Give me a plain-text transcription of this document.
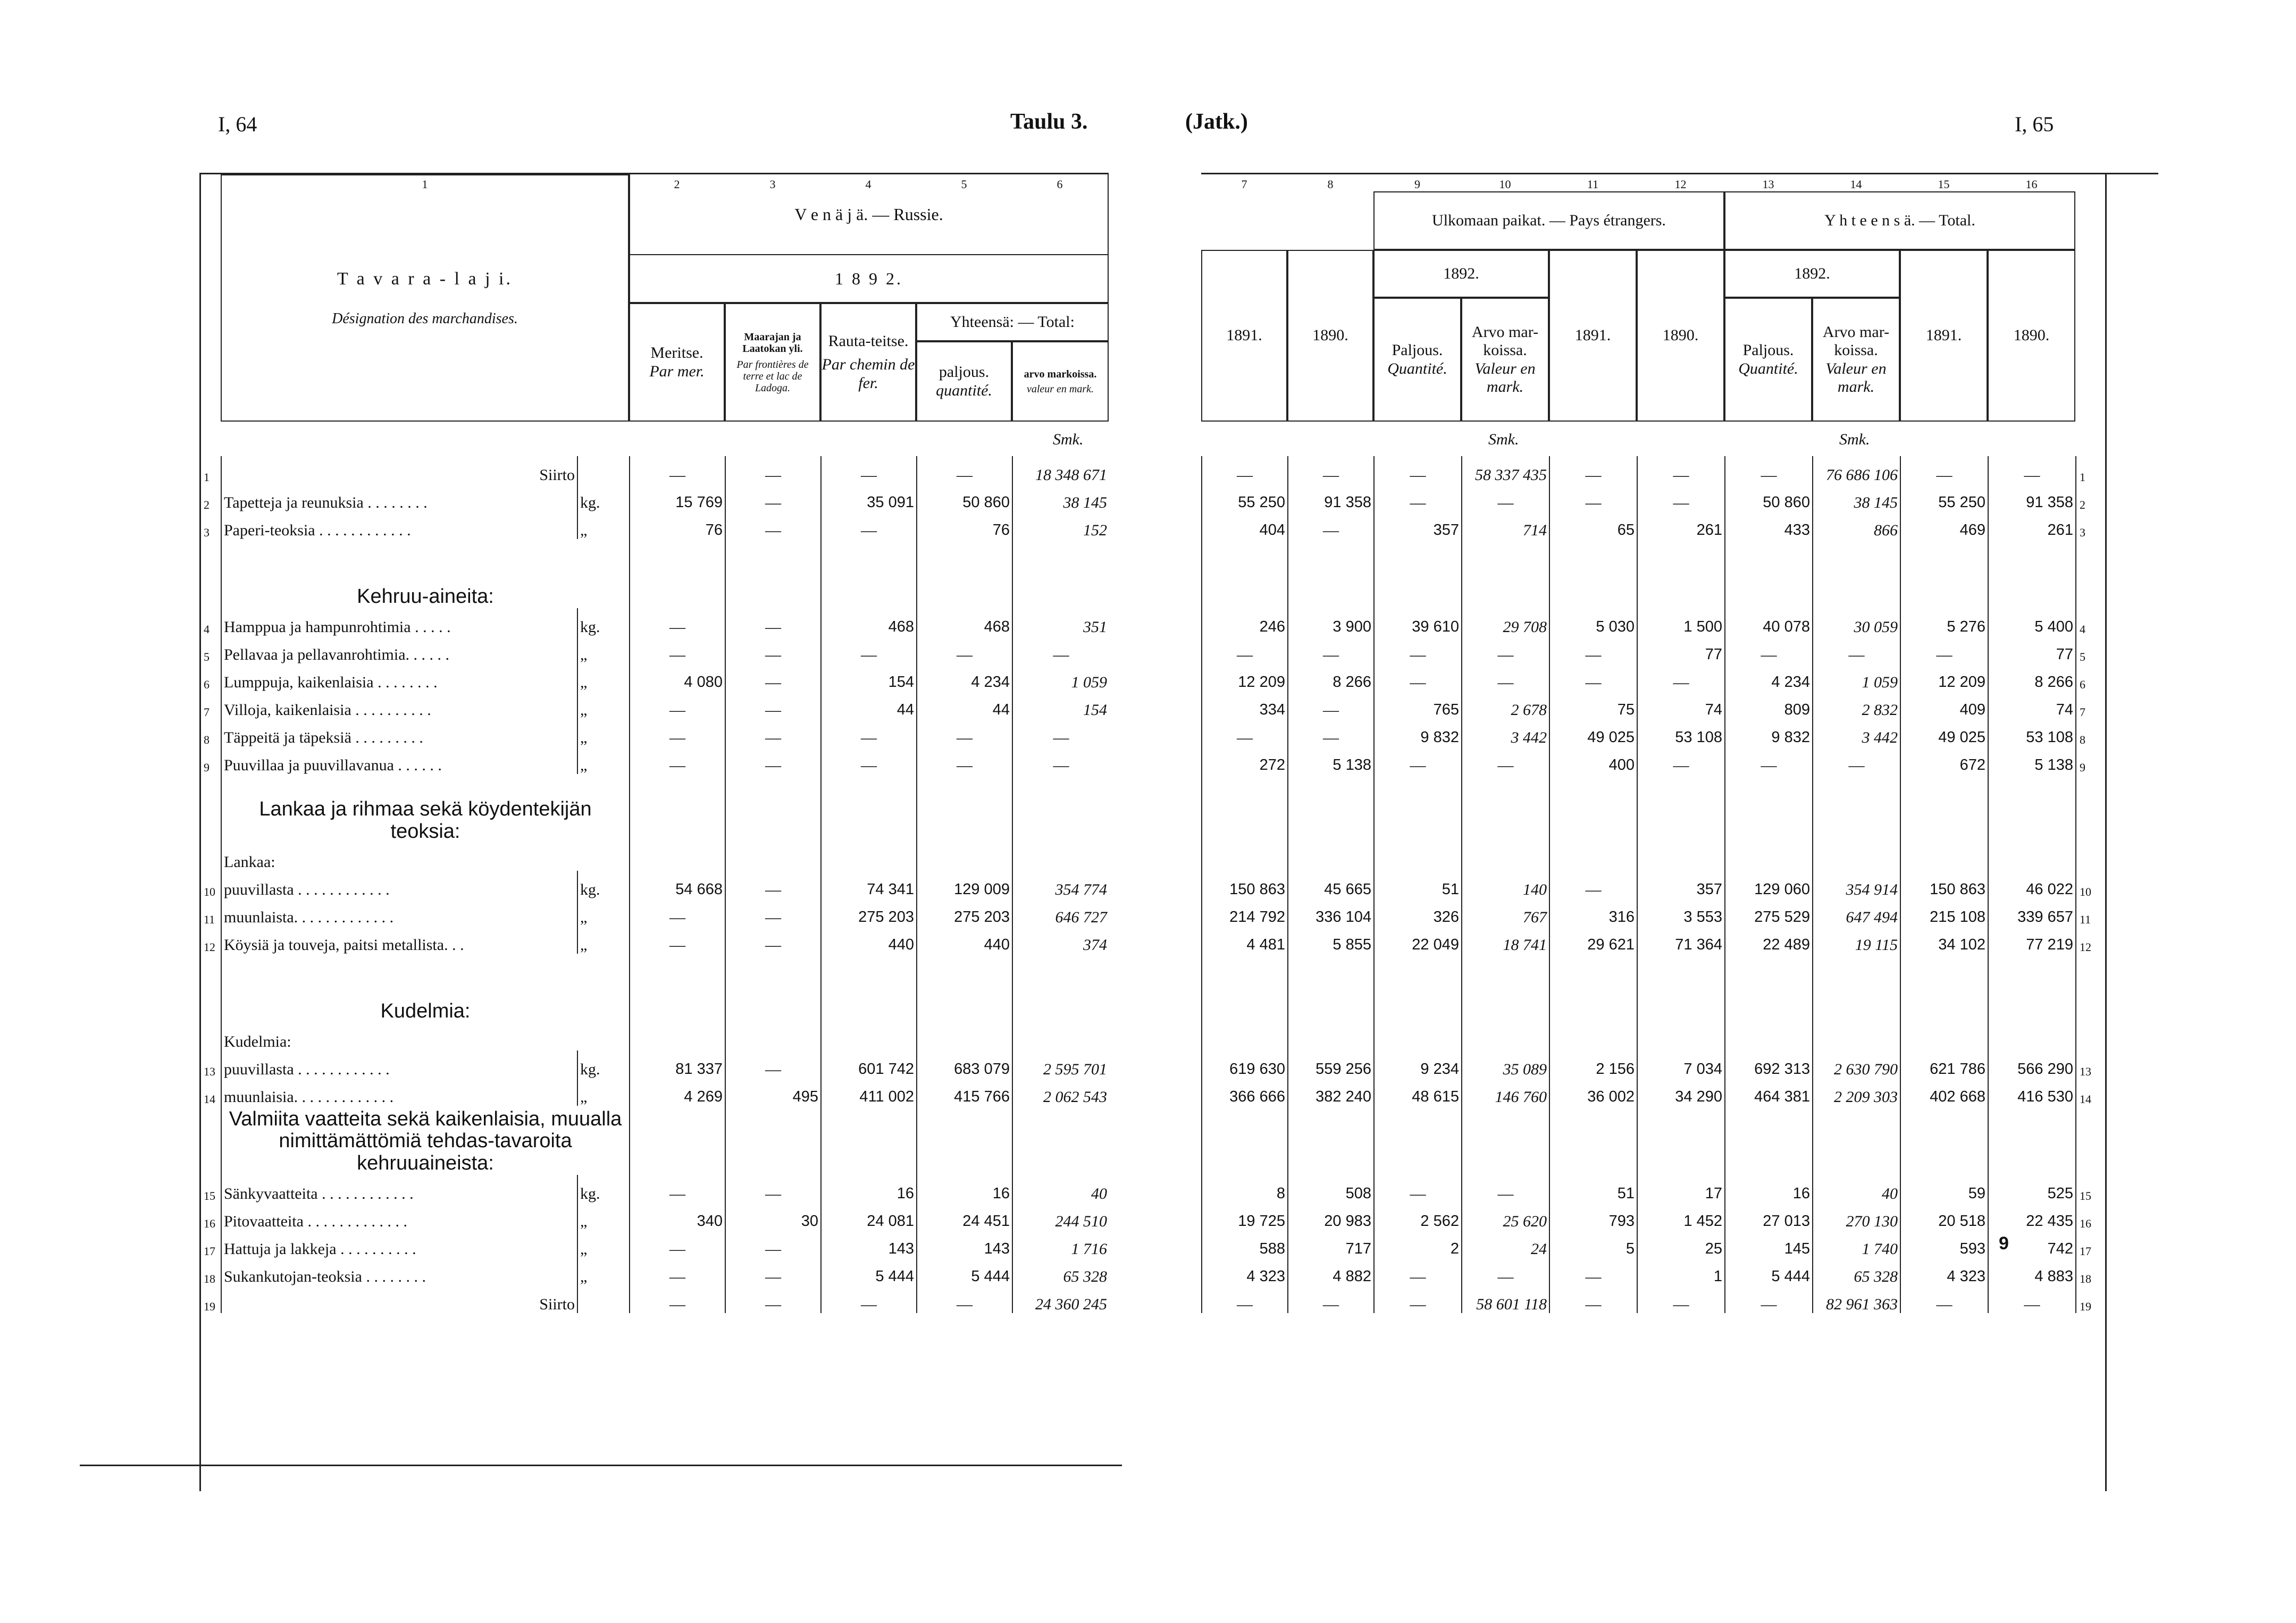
I, 64	Taulu 3.
1
T a v a r a - l a j i.
Désignation des marchandises.
V e n ä j ä. — Russie.
2	3	4	5	6
1 8 9 2.
Meritse.
Par mer.
Maarajan ja Laatokan yli.
Par frontières de terre et lac de Ladoga.
Rauta-teitse.
Par chemin de fer.
Yhteensä: — Total:
paljous.
quantité.
arvo markoissa.
valeur en mark.
Smk.
1	Siirto		—	—	—	—	18 348 671
2	Tapetteja ja reunuksia . . . . . . . .	kg.	15 769	—	35 091	50 860	38 145
3	Paperi-teoksia . . . . . . . . . . . .	„	76	—	—	76	152
	Kehruu-aineita:						
4	Hamppua ja hampunrohtimia . . . . .	kg.	—	—	468	468	351
5	Pellavaa ja pellavanrohtimia. . . . . .	„	—	—	—	—	—
6	Lumppuja, kaikenlaisia . . . . . . . .	„	4 080	—	154	4 234	1 059
7	Villoja, kaikenlaisia . . . . . . . . . .	„	—	—	44	44	154
8	Täppeitä ja täpeksiä . . . . . . . . .	„	—	—	—	—	—
9	Puuvillaa ja puuvillavanua . . . . . .	„	—	—	—	—	—
	Lankaa ja rihmaa sekä köydentekijän teoksia:						
	Lankaa:						
10	puuvillasta . . . . . . . . . . . .	kg.	54 668	—	74 341	129 009	354 774
11	muunlaista. . . . . . . . . . . . .	„	—	—	275 203	275 203	646 727
12	Köysiä ja touveja, paitsi metallista. . .	„	—	—	440	440	374
	Kudelmia:						
	Kudelmia:						
13	puuvillasta . . . . . . . . . . . .	kg.	81 337	—	601 742	683 079	2 595 701
14	muunlaisia. . . . . . . . . . . . .	„	4 269	495	411 002	415 766	2 062 543
	Valmiita vaatteita sekä kaikenlaisia, muualla nimittämättömiä tehdas-tavaroita kehruuaineista:						
15	Sänkyvaatteita . . . . . . . . . . . .	kg.	—	—	16	16	40
16	Pitovaatteita . . . . . . . . . . . . .	„	340	30	24 081	24 451	244 510
17	Hattuja ja lakkeja . . . . . . . . . .	„	—	—	143	143	1 716
18	Sukankutojan-teoksia . . . . . . . .	„	—	—	5 444	5 444	65 328
19	Siirto		—	—	—	—	24 360 245
(Jatk.)	I, 65
7	8	9	10	11	12	13	14	15	16
1891.	1890.
Ulkomaan paikat. — Pays étrangers.
1892.
Paljous.
Quantité.
Arvo mar-koissa.
Valeur en mark.
1891.	1890.
Y h t e e n s ä. — Total.
1892.
Paljous.
Quantité.
Arvo mar-koissa.
Valeur en mark.
1891.	1890.
Smk.	Smk.
—	—	—	58 337 435	—	—	—	76 686 106	—	—	1
55 250	91 358	—	—	—	—	50 860	38 145	55 250	91 358	2
404	—	357	714	65	261	433	866	469	261	3

246	3 900	39 610	29 708	5 030	1 500	40 078	30 059	5 276	5 400	4
—	—	—	—	—	77	—	—	—	77	5
12 209	8 266	—	—	—	—	4 234	1 059	12 209	8 266	6
334	—	765	2 678	75	74	809	2 832	409	74	7
—	—	9 832	3 442	49 025	53 108	9 832	3 442	49 025	53 108	8
272	5 138	—	—	400	—	—	—	672	5 138	9

150 863	45 665	51	140	—	357	129 060	354 914	150 863	46 022	10
214 792	336 104	326	767	316	3 553	275 529	647 494	215 108	339 657	11
4 481	5 855	22 049	18 741	29 621	71 364	22 489	19 115	34 102	77 219	12

619 630	559 256	9 234	35 089	2 156	7 034	692 313	2 630 790	621 786	566 290	13
366 666	382 240	48 615	146 760	36 002	34 290	464 381	2 209 303	402 668	416 530	14

8	508	—	—	51	17	16	40	59	525	15
19 725	20 983	2 562	25 620	793	1 452	27 013	270 130	20 518	22 435	16
588	717	2	24	5	25	145	1 740	593	742	17
4 323	4 882	—	—	—	1	5 444	65 328	4 323	4 883	18
—	—	—	58 601 118	—	—	—	82 961 363	—	—	19
9
